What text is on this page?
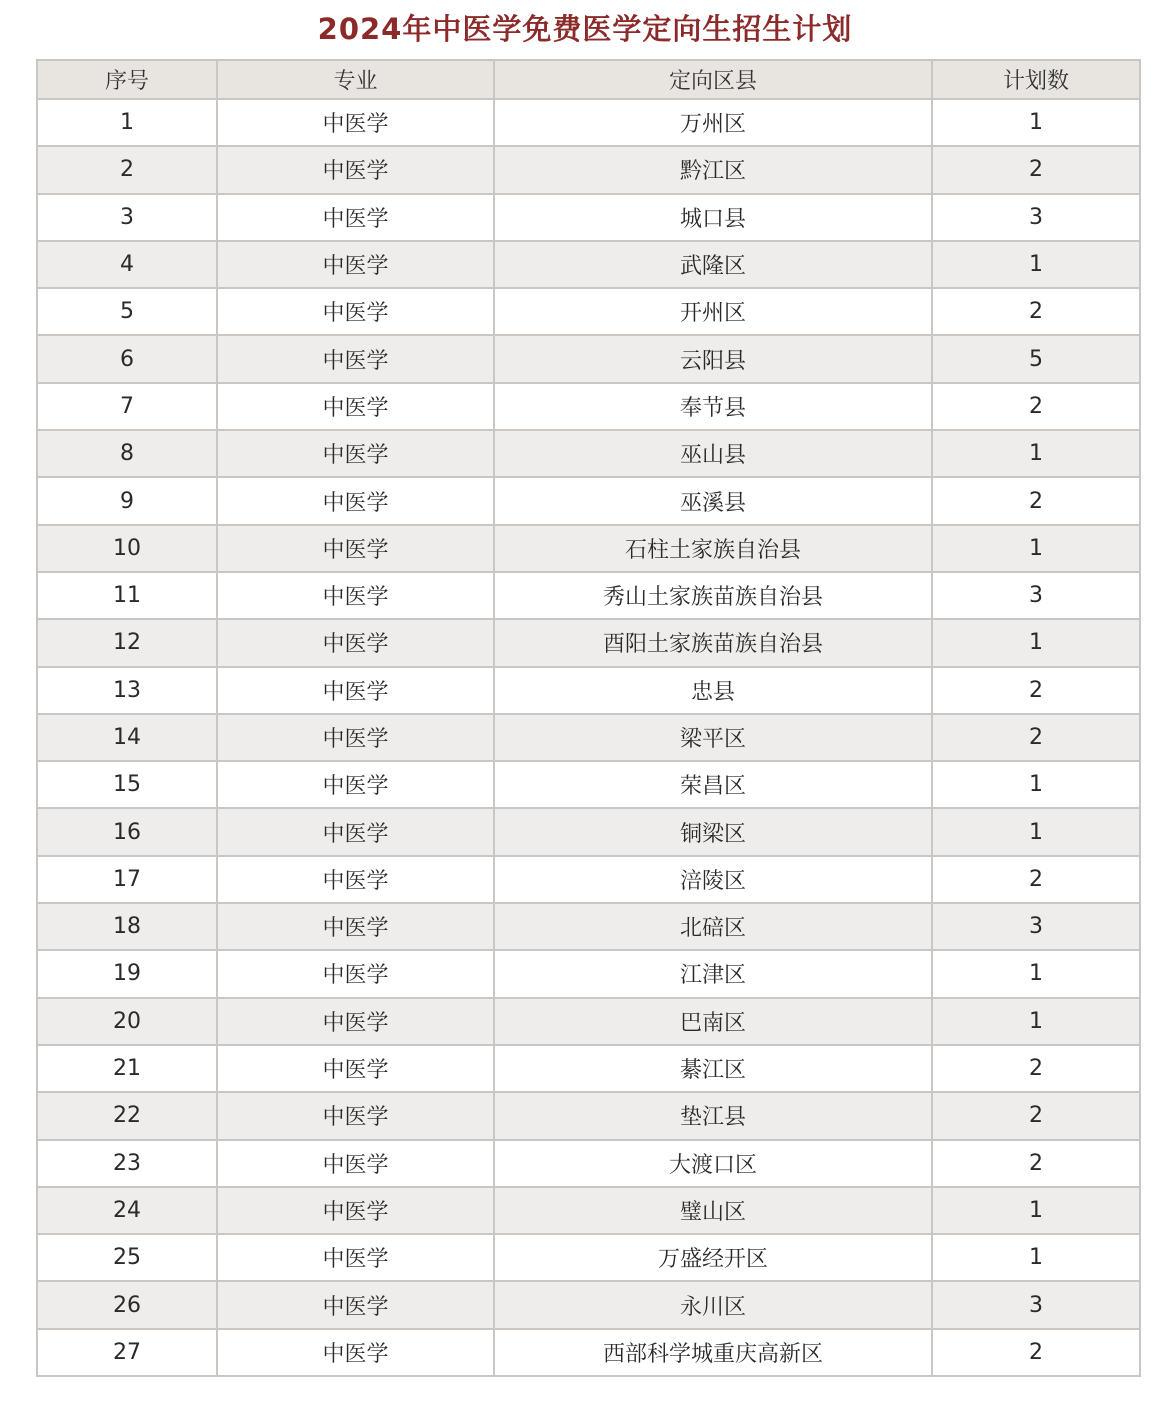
2024年中医学免费医学定向生招生计划
序号	专业	定向区县	计划数
1	中医学	万州区	1
2	中医学	黔江区	2
3	中医学	城口县	3
4	中医学	武隆区	1
5	中医学	开州区	2
6	中医学	云阳县	5
7	中医学	奉节县	2
8	中医学	巫山县	1
9	中医学	巫溪县	2
10	中医学	石柱土家族自治县	1
11	中医学	秀山土家族苗族自治县	3
12	中医学	酉阳土家族苗族自治县	1
13	中医学	忠县	2
14	中医学	梁平区	2
15	中医学	荣昌区	1
16	中医学	铜梁区	1
17	中医学	涪陵区	2
18	中医学	北碚区	3
19	中医学	江津区	1
20	中医学	巴南区	1
21	中医学	綦江区	2
22	中医学	垫江县	2
23	中医学	大渡口区	2
24	中医学	璧山区	1
25	中医学	万盛经开区	1
26	中医学	永川区	3
27	中医学	西部科学城重庆高新区	2
